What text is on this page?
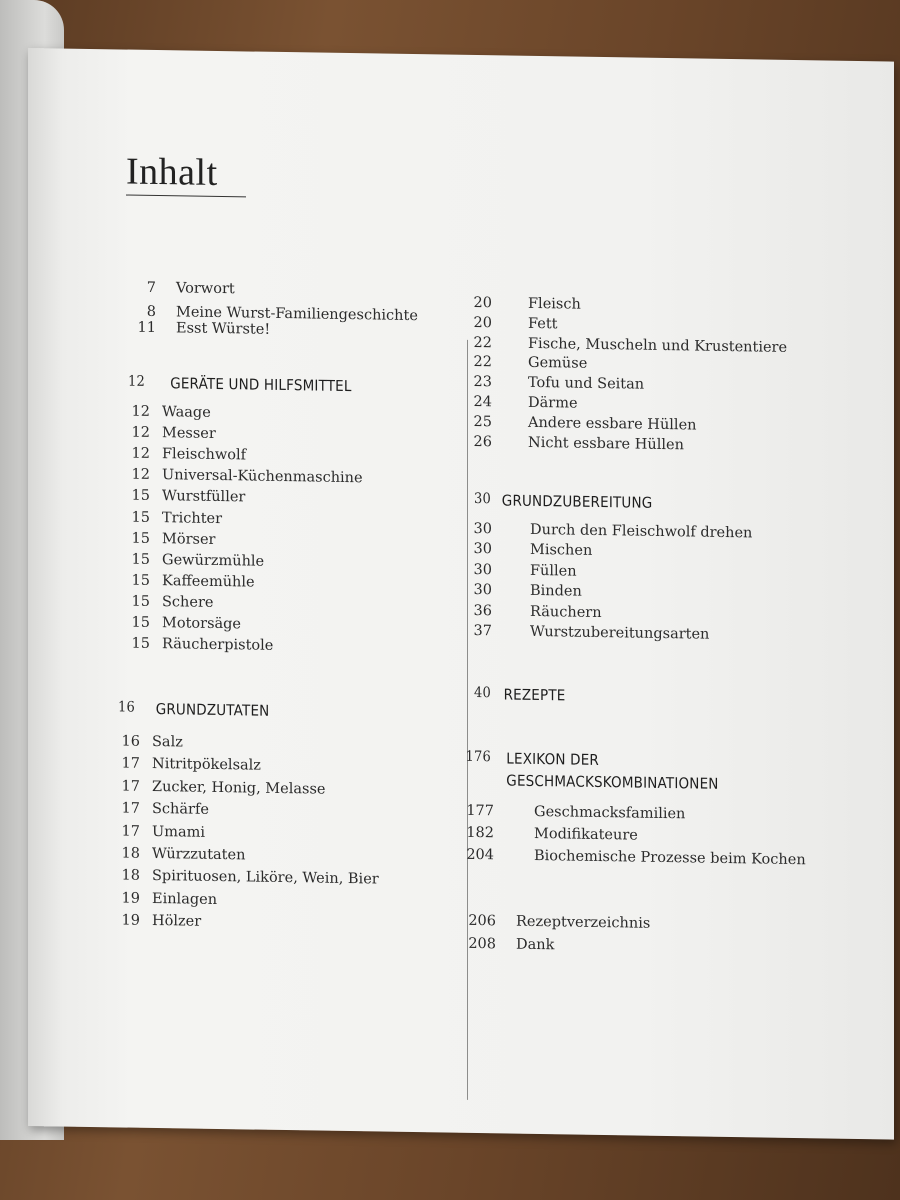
Inhalt
7 Vorwort
8 Meine Wurst-Familiengeschichte
11 Esst Würste!
12 GERÄTE UND HILFSMITTEL
12 Waage
12 Messer
12 Fleischwolf
12 Universal-Küchenmaschine
15 Wurstfüller
15 Trichter
15 Mörser
15 Gewürzmühle
15 Kaffeemühle
15 Schere
15 Motorsäge
15 Räucherpistole
16 GRUNDZUTATEN
16 Salz
17 Nitritpökelsalz
17 Zucker, Honig, Melasse
17 Schärfe
17 Umami
18 Würzzutaten
18 Spirituosen, Liköre, Wein, Bier
19 Einlagen
19 Hölzer
20 Fleisch
20 Fett
22 Fische, Muscheln und Krustentiere
22 Gemüse
23 Tofu und Seitan
24 Därme
25 Andere essbare Hüllen
26 Nicht essbare Hüllen
30 GRUNDZUBEREITUNG
30	Durch den Fleischwolf drehen
30	Mischen
30	Füllen
30	Binden
36	Räuchern
37	Wurstzubereitungsarten
40 REZEPTE
176 LEXIKON DER
GESCHMACKSKOMBINATIONEN
177	Geschmacksfamilien
182	Modifikateure
204	Biochemische Prozesse beim Kochen
206 Rezeptverzeichnis
208 Dank
